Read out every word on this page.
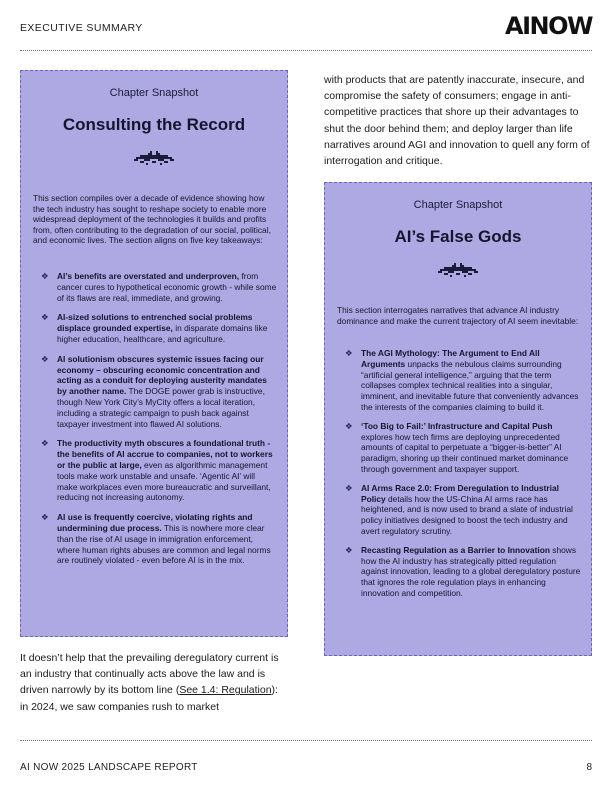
EXECUTIVE SUMMARY	AINOW
Chapter Snapshot
Consulting the Record

This section compiles over a decade of evidence showing how the tech industry has sought to reshape society to enable more widespread deployment of the technologies it builds and profits from, often contributing to the degradation of our social, political, and economic lives. The section aligns on five key takeaways:

❖ AI’s benefits are overstated and underproven, from cancer cures to hypothetical economic growth - while some of its flaws are real, immediate, and growing.
❖ AI-sized solutions to entrenched social problems displace grounded expertise, in disparate domains like higher education, healthcare, and agriculture.
❖ AI solutionism obscures systemic issues facing our economy – obscuring economic concentration and acting as a conduit for deploying austerity mandates by another name. The DOGE power grab is instructive, though New York City’s MyCity offers a local iteration, including a strategic campaign to push back against taxpayer investment into flawed AI solutions.
❖ The productivity myth obscures a foundational truth - the benefits of AI accrue to companies, not to workers or the public at large, even as algorithmic management tools make work unstable and unsafe. ‘Agentic AI’ will make workplaces even more bureaucratic and surveillant, reducing not increasing autonomy.
❖ AI use is frequently coercive, violating rights and undermining due process. This is nowhere more clear than the rise of AI usage in immigration enforcement, where human rights abuses are common and legal norms are routinely violated - even before AI is in the mix.

It doesn’t help that the prevailing deregulatory current is an industry that continually acts above the law and is driven narrowly by its bottom line (See 1.4: Regulation): in 2024, we saw companies rush to market

with products that are patently inaccurate, insecure, and compromise the safety of consumers; engage in anti-competitive practices that shore up their advantages to shut the door behind them; and deploy larger than life narratives around AGI and innovation to quell any form of interrogation and critique.

Chapter Snapshot
AI’s False Gods

This section interrogates narratives that advance AI industry dominance and make the current trajectory of AI seem inevitable:

❖ The AGI Mythology: The Argument to End All Arguments unpacks the nebulous claims surrounding “artificial general intelligence,” arguing that the term collapses complex technical realities into a singular, imminent, and inevitable future that conveniently advances the interests of the companies claiming to build it.
❖ ‘Too Big to Fail:’ Infrastructure and Capital Push explores how tech firms are deploying unprecedented amounts of capital to perpetuate a “bigger-is-better” AI paradigm, shoring up their continued market dominance through government and taxpayer support.
❖ AI Arms Race 2.0: From Deregulation to Industrial Policy details how the US-China AI arms race has heightened, and is now used to brand a slate of industrial policy initiatives designed to boost the tech industry and avert regulatory scrutiny.
❖ Recasting Regulation as a Barrier to Innovation shows how the AI industry has strategically pitted regulation against innovation, leading to a global deregulatory posture that ignores the role regulation plays in enhancing innovation and competition.
AI NOW 2025 LANDSCAPE REPORT	8
